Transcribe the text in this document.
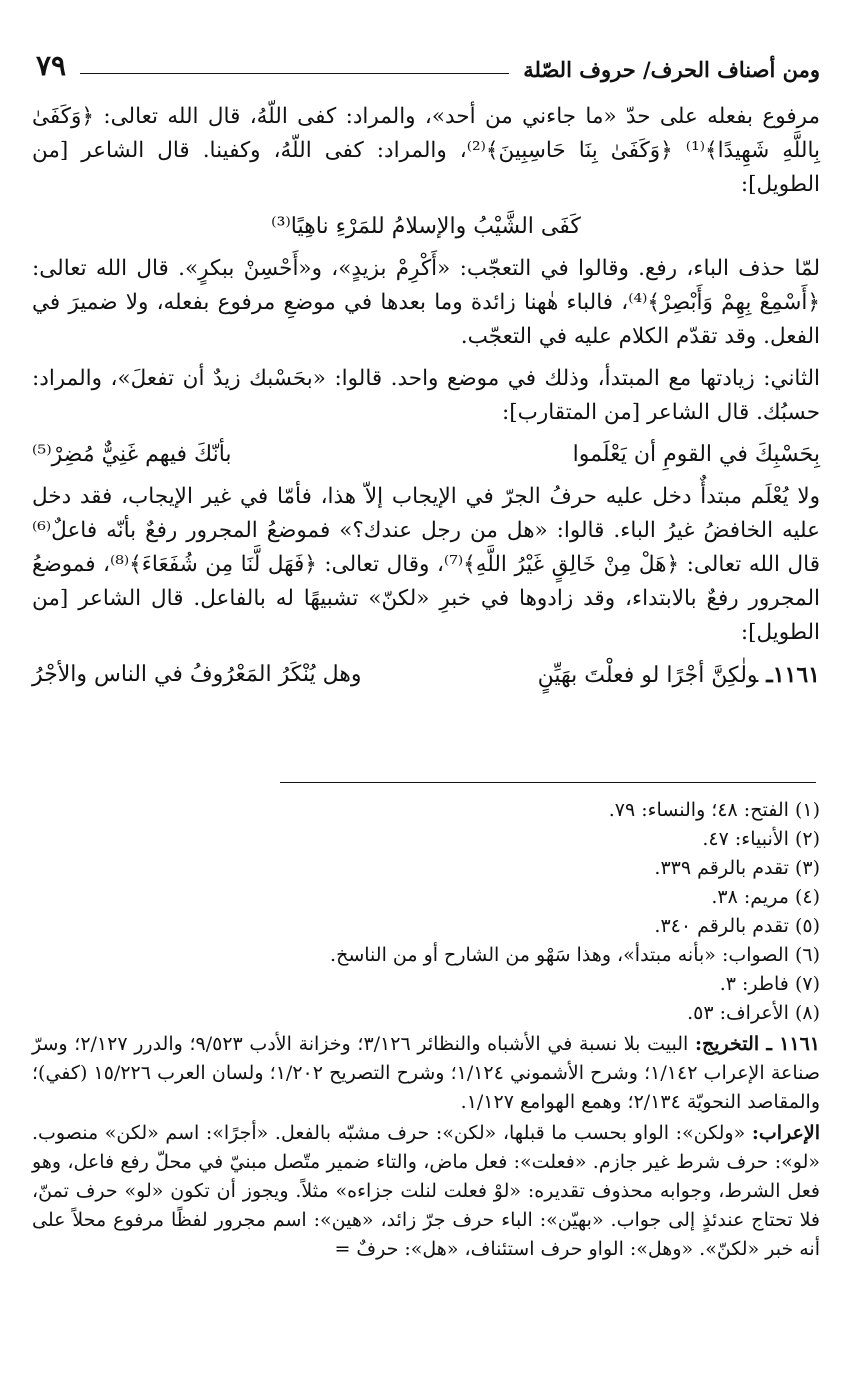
ومن أصناف الحرف/ حروف الصّلة
٧٩

مرفوع بفعله على حدّ «ما جاءني من أحد»، والمراد: كفى اللّهُ، قال الله تعالى: ﴿وَكَفَىٰ بِاللَّهِ شَهِيدًا﴾⁽¹⁾ ﴿وَكَفَىٰ بِنَا حَاسِبِينَ﴾⁽²⁾، والمراد: كفى اللّهُ، وكفينا. قال الشاعر [من الطويل]:

كَفَى الشَّيْبُ والإسلامُ للمَرْءِ ناهِيًا⁽³⁾

لمّا حذف الباء، رفع. وقالوا في التعجّب: «أَكْرِمْ بزيدٍ»، و«أَحْسِنْ ببكرٍ». قال الله تعالى: ﴿أَسْمِعْ بِهِمْ وَأَبْصِرْ﴾⁽⁴⁾، فالباء هٰهنا زائدة وما بعدها في موضعِ مرفوع بفعله، ولا ضميرَ في الفعل. وقد تقدّم الكلام عليه في التعجّب.

الثاني: زيادتها مع المبتدأ، وذلك في موضع واحد. قالوا: «بحَسْبك زيدٌ أن تفعلَ»، والمراد: حسبُك. قال الشاعر [من المتقارب]:

بِحَسْبِكَ في القومِ أن يَعْلَموا
بأنّكَ فيهم غَنِيٌّ مُضِرْ⁽⁵⁾

ولا يُعْلَم مبتدأٌ دخل عليه حرفُ الجرّ في الإيجاب إلاّ هذا، فأمّا في غير الإيجاب، فقد دخل عليه الخافضُ غيرُ الباء. قالوا: «هل من رجل عندك؟» فموضعُ المجرور رفعٌ بأنّه فاعلٌ⁽⁶⁾ قال الله تعالى: ﴿هَلْ مِنْ خَالِقٍ غَيْرُ اللَّهِ﴾⁽⁷⁾، وقال تعالى: ﴿فَهَل لَّنَا مِن شُفَعَاءَ﴾⁽⁸⁾، فموضعُ المجرور رفعٌ بالابتداء، وقد زادوها في خبرِ «لكنّ» تشبيهًا له بالفاعل. قال الشاعر [من الطويل]:

١١٦١ـولٰكِنَّ أجْرًا لو فعلْتَ بهَيِّنٍ
وهل يُنْكَرُ المَعْرُوفُ في الناس والأجْرُ

(١) الفتح: ٤٨؛ والنساء: ٧٩.

(٢) الأنبياء: ٤٧.

(٣) تقدم بالرقم ٣٣٩.

(٤) مريم: ٣٨.

(٥) تقدم بالرقم ٣٤٠.

(٦) الصواب: «بأنه مبتدأ»، وهذا سَهْو من الشارح أو من الناسخ.

(٧) فاطر: ٣.

(٨) الأعراف: ٥٣.

١١٦١ ـ التخريج: البيت بلا نسبة في الأشباه والنظائر ٣/١٢٦؛ وخزانة الأدب ٩/٥٢٣؛ والدرر ٢/١٢٧؛ وسرّ صناعة الإعراب ١/١٤٢؛ وشرح الأشموني ١/١٢٤؛ وشرح التصريح ١/٢٠٢؛ ولسان العرب ١٥/٢٢٦ (كفي)؛ والمقاصد النحويّة ٢/١٣٤؛ وهمع الهوامع ١/١٢٧.
الإعراب: «ولكن»: الواو بحسب ما قبلها، «لكن»: حرف مشبّه بالفعل. «أجرًا»: اسم «لكن» منصوب. «لو»: حرف شرط غير جازم. «فعلت»: فعل ماض، والتاء ضمير متّصل مبنيّ في محلّ رفع فاعل، وهو فعل الشرط، وجوابه محذوف تقديره: «لوْ فعلت لنلت جزاءه» مثلاً. ويجوز أن تكون «لو» حرف تمنّ، فلا تحتاج عندئذٍ إلى جواب. «بهيّن»: الباء حرف جرّ زائد، «هين»: اسم مجرور لفظًا مرفوع محلاً على أنه خبر «لكنّ». «وهل»: الواو حرف استئناف، «هل»: حرفٌ =
